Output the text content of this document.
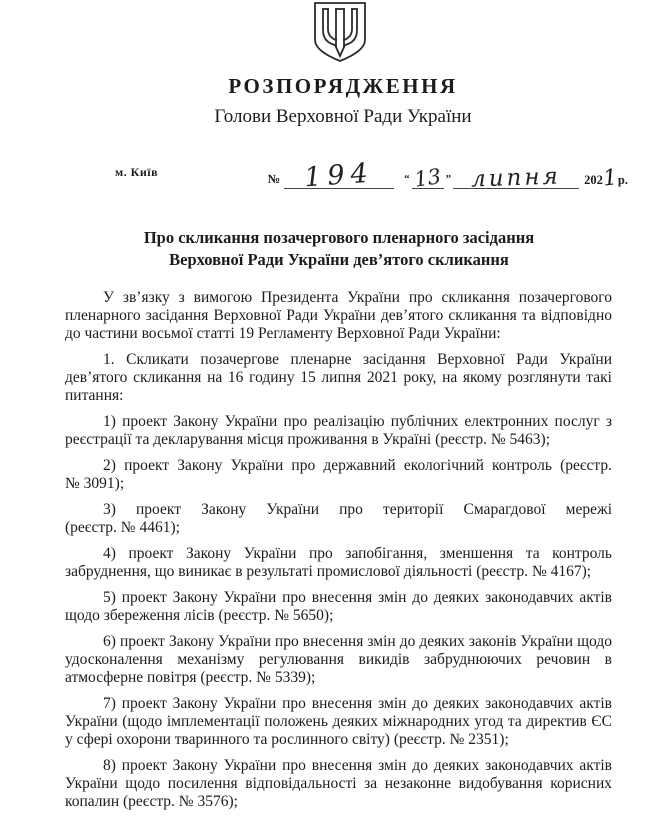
РОЗПОРЯДЖЕННЯ
Голови Верховної Ради України
м. Київ	№ 194	“ 13 ” липня 202
1 р.
Про скликання позачергового пленарного засідання
Верховної Ради України дев’ятого скликання

У зв’язку з вимогою Президента України про скликання позачергового пленарного засідання Верховної Ради України дев’ятого скликання та відповідно до частини восьмої статті 19 Регламенту Верховної Ради України:

1. Скликати позачергове пленарне засідання Верховної Ради України дев’ятого скликання на 16 годину 15 липня 2021 року, на якому розглянути такі питання:

1) проект Закону України про реалізацію публічних електронних послуг з реєстрації та декларування місця проживання в Україні (реєстр. № 5463);

2) проект Закону України про державний екологічний контроль (реєстр. № 3091);

3) проект Закону України про території Смарагдової мережі (реєстр. № 4461);

4) проект Закону України про запобігання, зменшення та контроль забруднення, що виникає в результаті промислової діяльності (реєстр. № 4167);

5) проект Закону України про внесення змін до деяких законодавчих актів щодо збереження лісів (реєстр. № 5650);

6) проект Закону України про внесення змін до деяких законів України щодо удосконалення механізму регулювання викидів забруднюючих речовин в атмосферне повітря (реєстр. № 5339);

7) проект Закону України про внесення змін до деяких законодавчих актів України (щодо імплементації положень деяких міжнародних угод та директив ЄС у сфері охорони тваринного та рослинного світу) (реєстр. № 2351);

8) проект Закону України про внесення змін до деяких законодавчих актів України щодо посилення відповідальності за незаконне видобування корисних копалин (реєстр. № 3576);
